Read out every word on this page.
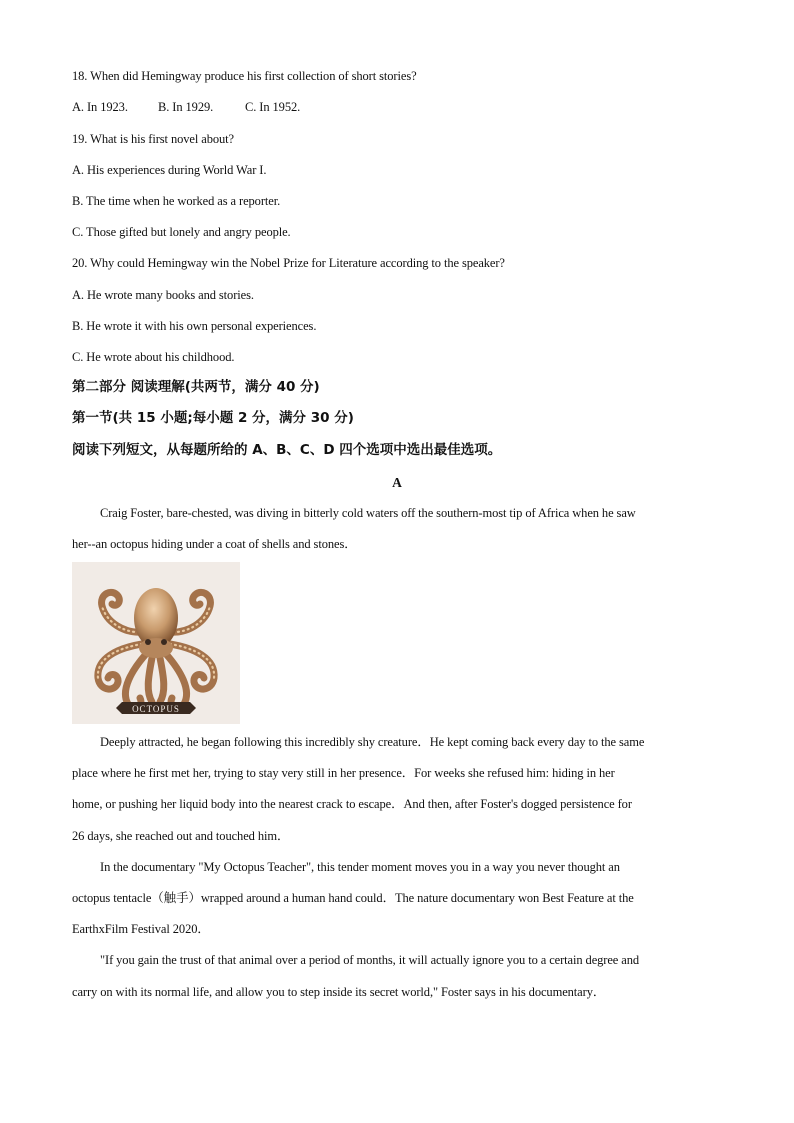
18. When did Hemingway produce his first collection of short stories?
A. In 1923. B. In 1929.	C. In 1952.
19. What is his first novel about?
A. His experiences during World War I.
B. The time when he worked as a reporter.
C. Those gifted but lonely and angry people.
20. Why could Hemingway win the Nobel Prize for Literature according to the speaker?
A. He wrote many books and stories.
B. He wrote it with his own personal experiences.
C. He wrote about his childhood.
第二部分 阅读理解(共两节，满分 40 分)
第一节(共 15 小题;每小题 2 分，满分 30 分)
阅读下列短文，从每题所给的 A、B、C、D 四个选项中选出最佳选项。
A
Craig Foster, bare-chested, was diving in bitterly cold waters off the southern-most tip of Africa when he saw
her--an octopus hiding under a coat of shells and stones．
OCTOPUS
Deeply attracted, he began following this incredibly shy creature．He kept coming back every day to the same
place where he first met her, trying to stay very still in her presence．For weeks she refused him: hiding in her
home, or pushing her liquid body into the nearest crack to escape．And then, after Foster's dogged persistence for
26 days, she reached out and touched him．
In the documentary "My Octopus Teacher", this tender moment moves you in a way you never thought an
octopus tentacle（触手）wrapped around a human hand could．The nature documentary won Best Feature at the
EarthxFilm Festival 2020．
"If you gain the trust of that animal over a period of months, it will actually ignore you to a certain degree and
carry on with its normal life, and allow you to step inside its secret world," Foster says in his documentary．
